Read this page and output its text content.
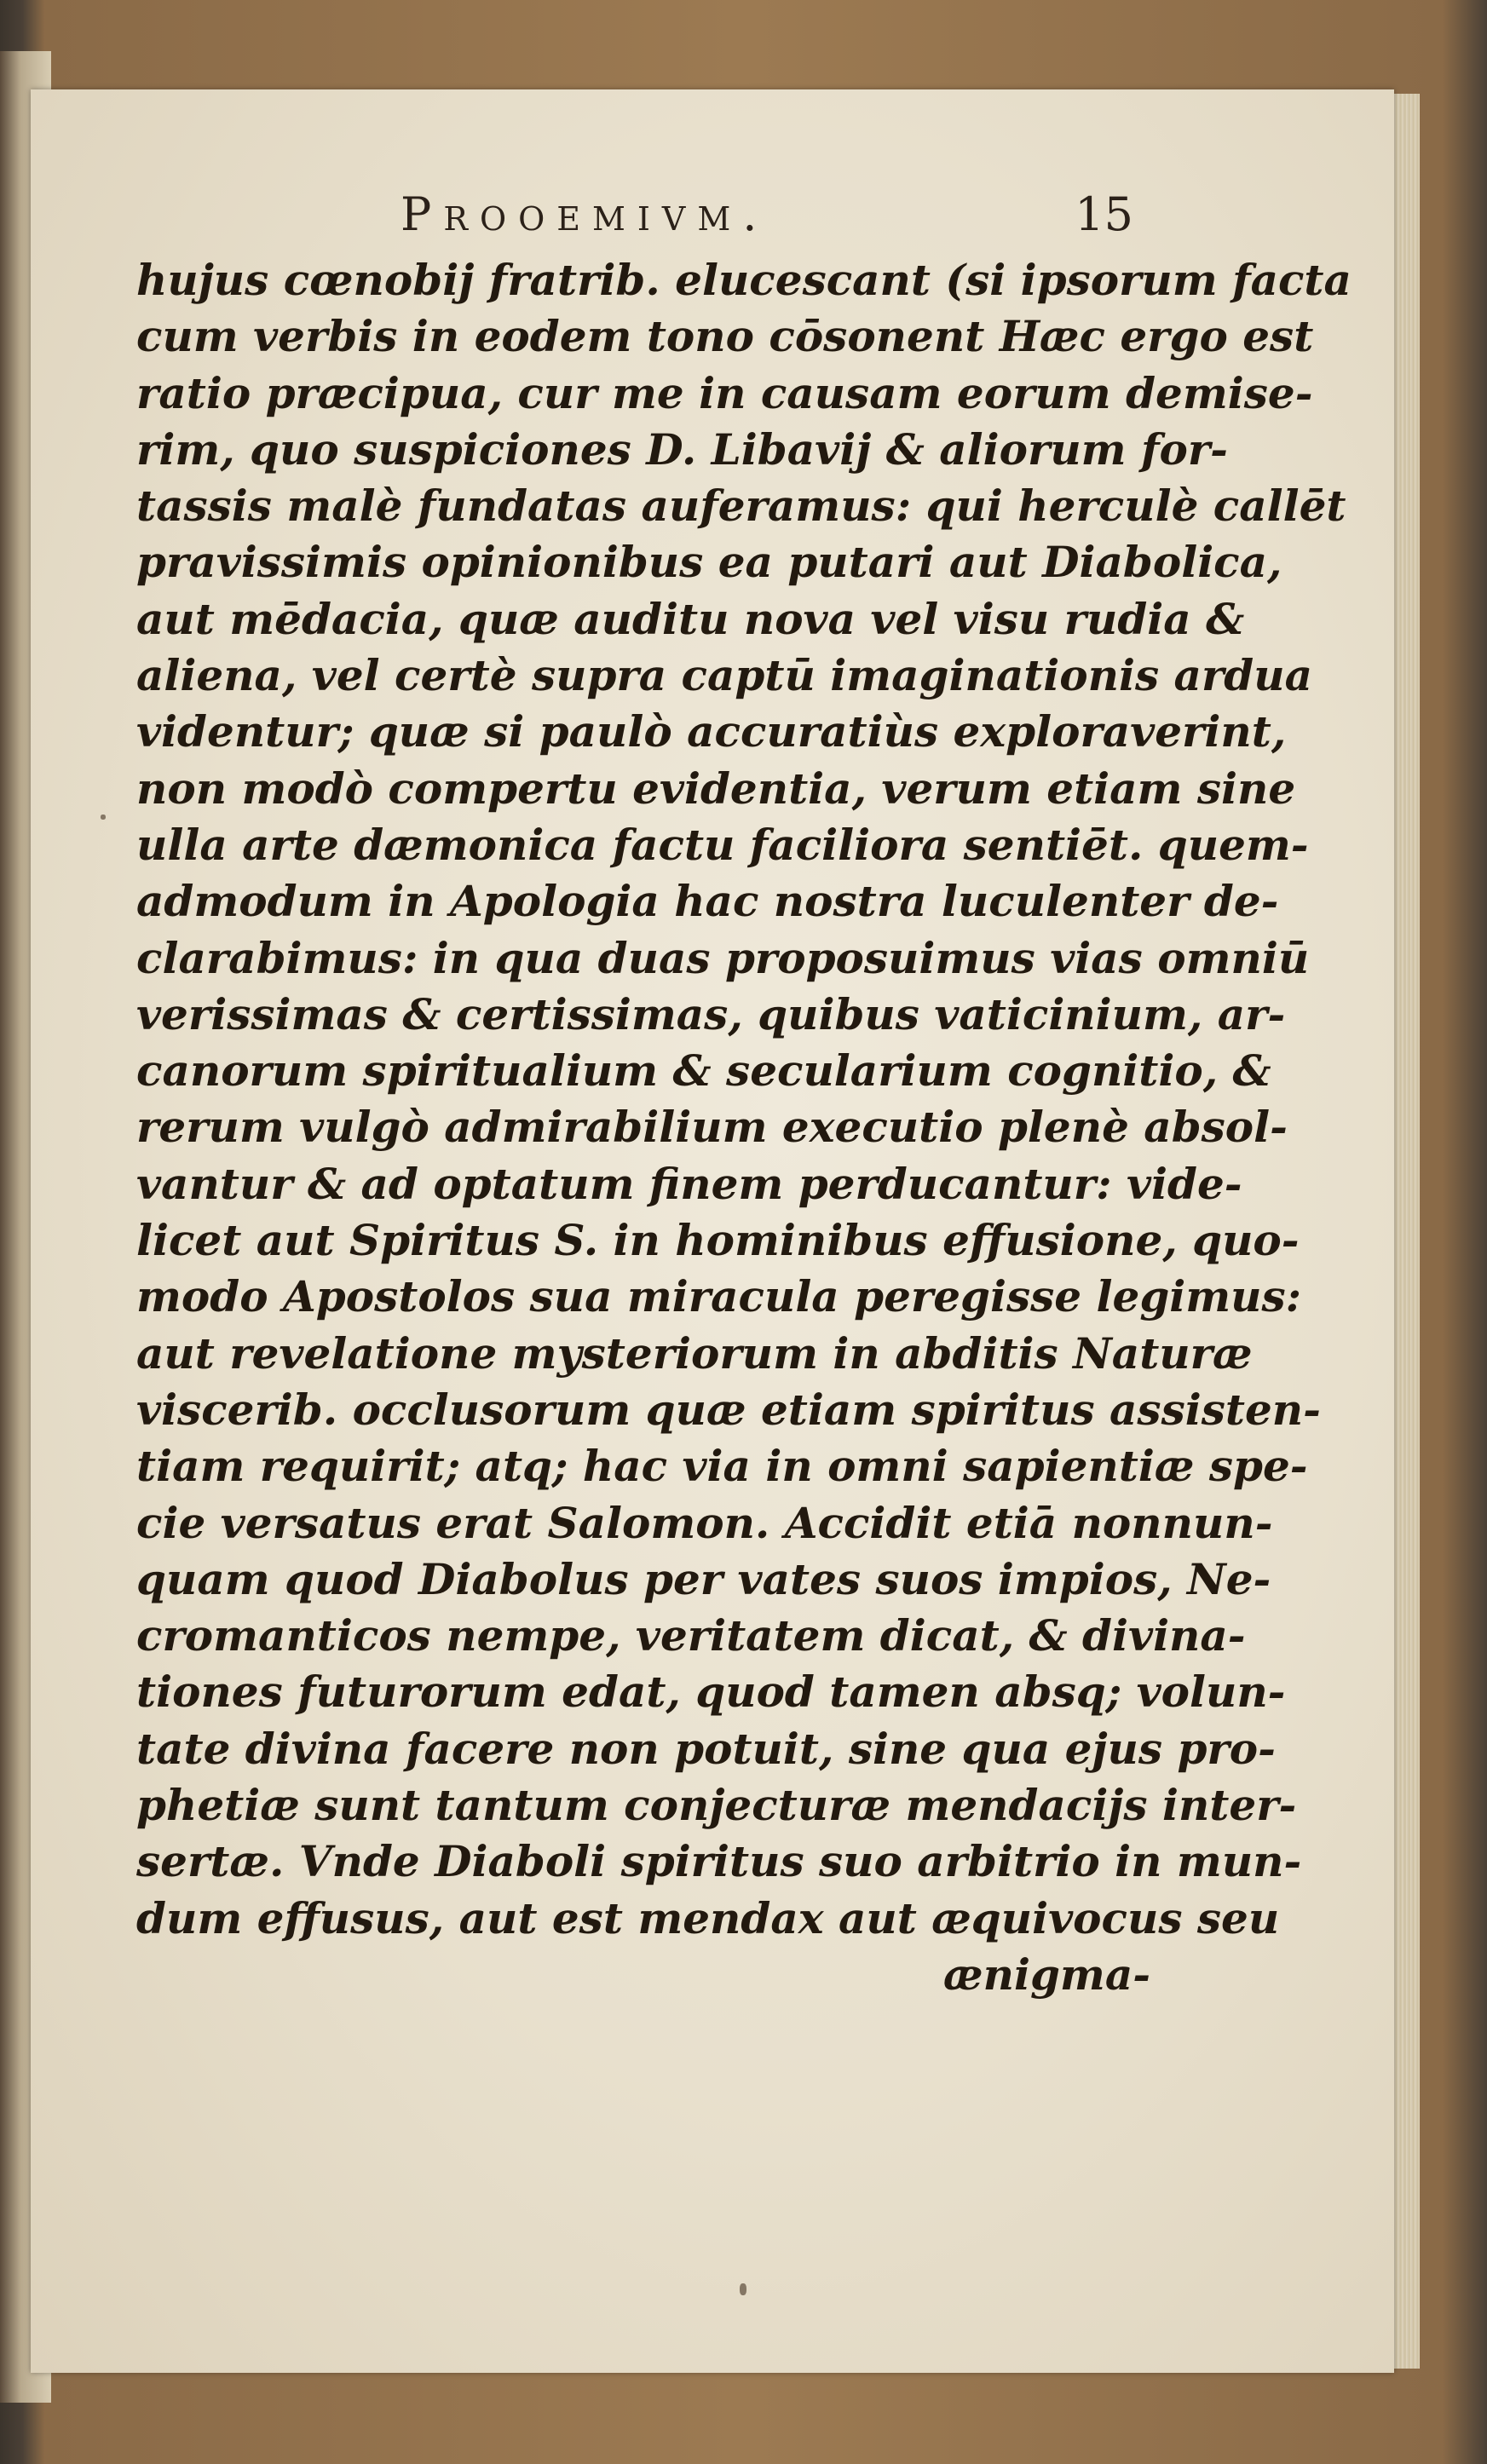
Prooemivm.	15
hujus cœnobij fratrib. elucescant (si ipsorum facta
cum verbis in eodem tono cōsonent Hæc ergo est
ratio præcipua, cur me in causam eorum demise-
rim, quo suspiciones D. Libavij & aliorum for-
tassis malè fundatas auferamus: qui herculè callēt
pravissimis opinionibus ea putari aut Diabolica,
aut mēdacia, quæ auditu nova vel visu rudia &
aliena, vel certè supra captū imaginationis ardua
videntur; quæ si paulò accuratiùs exploraverint,
non modò compertu evidentia, verum etiam sine
ulla arte dæmonica factu faciliora sentiēt. quem-
admodum in Apologia hac nostra luculenter de-
clarabimus: in qua duas proposuimus vias omniū
verissimas & certissimas, quibus vaticinium, ar-
canorum spiritualium & secularium cognitio, &
rerum vulgò admirabilium executio plenè absol-
vantur & ad optatum finem perducantur: vide-
licet aut Spiritus S. in hominibus effusione, quo-
modo Apostolos sua miracula peregisse legimus:
aut revelatione mysteriorum in abditis Naturæ
viscerib. occlusorum quæ etiam spiritus assisten-
tiam requirit; atq; hac via in omni sapientiæ spe-
cie versatus erat Salomon. Accidit etiā nonnun-
quam quod Diabolus per vates suos impios, Ne-
cromanticos nempe, veritatem dicat, & divina-
tiones futurorum edat, quod tamen absq; volun-
tate divina facere non potuit, sine qua ejus pro-
phetiæ sunt tantum conjecturæ mendacijs inter-
sertæ. Vnde Diaboli spiritus suo arbitrio in mun-
dum effusus, aut est mendax aut æquivocus seu
ænigma-
